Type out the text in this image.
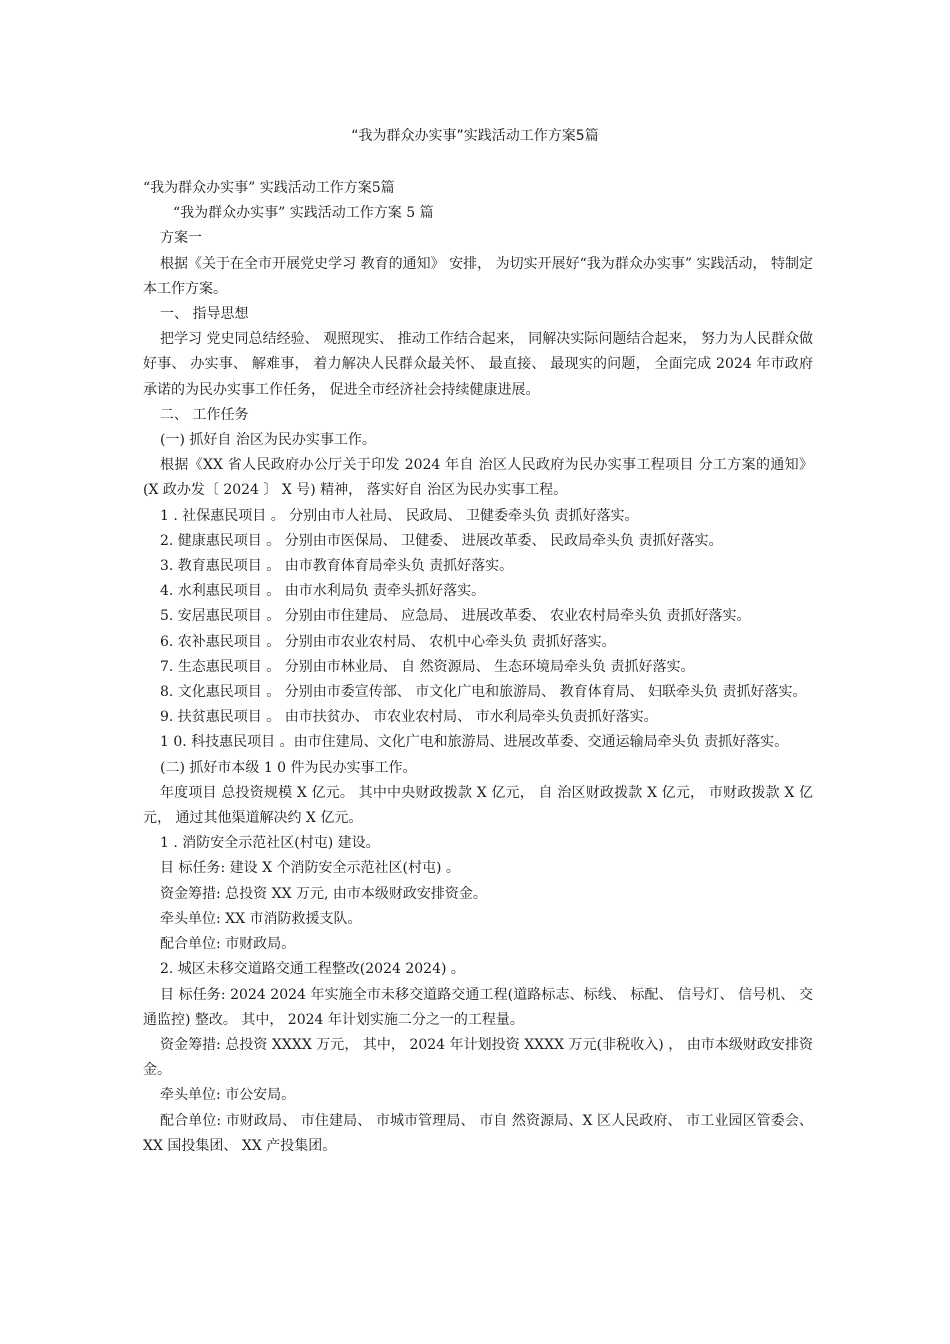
“我为群众办实事”实践活动工作方案5篇
“我为群众办实事” 实践活动工作方案5篇
“我为群众办实事” 实践活动工作方案 5 篇
方案一
根据《关于在全市开展党史学习 教育的通知》 安排， 为切实开展好“我为群众办实事” 实践活动， 特制定本工作方案。
一、 指导思想
把学习 党史同总结经验、 观照现实、 推动工作结合起来， 同解决实际问题结合起来， 努力为人民群众做好事、 办实事、 解难事， 着力解决人民群众最关怀、 最直接、 最现实的问题， 全面完成 2024 年市政府承诺的为民办实事工作任务， 促进全市经济社会持续健康进展。
二、 工作任务
(一) 抓好自 治区为民办实事工作。
根据《XX 省人民政府办公厅关于印发 2024 年自 治区人民政府为民办实事工程项目 分工方案的通知》 (X 政办发〔 2024 〕 X 号) 精神， 落实好自 治区为民办实事工程。
1 . 社保惠民项目 。 分别由市人社局、 民政局、 卫健委牵头负 责抓好落实。
2. 健康惠民项目 。 分别由市医保局、 卫健委、 进展改革委、 民政局牵头负 责抓好落实。
3. 教育惠民项目 。 由市教育体育局牵头负 责抓好落实。
4. 水利惠民项目 。 由市水利局负 责牵头抓好落实。
5. 安居惠民项目 。 分别由市住建局、 应急局、 进展改革委、 农业农村局牵头负 责抓好落实。
6. 农补惠民项目 。 分别由市农业农村局、 农机中心牵头负 责抓好落实。
7. 生态惠民项目 。 分别由市林业局、 自 然资源局、 生态环境局牵头负 责抓好落实。
8. 文化惠民项目 。 分别由市委宣传部、 市文化广电和旅游局、 教育体育局、 妇联牵头负 责抓好落实。
9. 扶贫惠民项目 。 由市扶贫办、 市农业农村局、 市水利局牵头负责抓好落实。
1 0. 科技惠民项目 。由市住建局、文化广电和旅游局、进展改革委、交通运输局牵头负 责抓好落实。
(二) 抓好市本级 1 0 件为民办实事工作。
年度项目 总投资规模 X 亿元。 其中中央财政拨款 X 亿元， 自 治区财政拨款 X 亿元， 市财政拨款 X 亿元， 通过其他渠道解决约 X 亿元。
1 . 消防安全示范社区(村屯) 建设。
目 标任务: 建设 X 个消防安全示范社区(村屯) 。
资金筹措: 总投资 XX 万元, 由市本级财政安排资金。
牵头单位: XX 市消防救援支队。
配合单位: 市财政局。
2. 城区未移交道路交通工程整改(2024 2024) 。
目 标任务: 2024 2024 年实施全市未移交道路交通工程(道路标志、标线、 标配、 信号灯、 信号机、 交通监控) 整改。 其中， 2024 年计划实施二分之一的工程量。
资金筹措: 总投资 XXXX 万元， 其中， 2024 年计划投资 XXXX 万元(非税收入) ， 由市本级财政安排资金。
牵头单位: 市公安局。
配合单位: 市财政局、 市住建局、 市城市管理局、 市自 然资源局、X 区人民政府、 市工业园区管委会、 XX 国投集团、 XX 产投集团。
